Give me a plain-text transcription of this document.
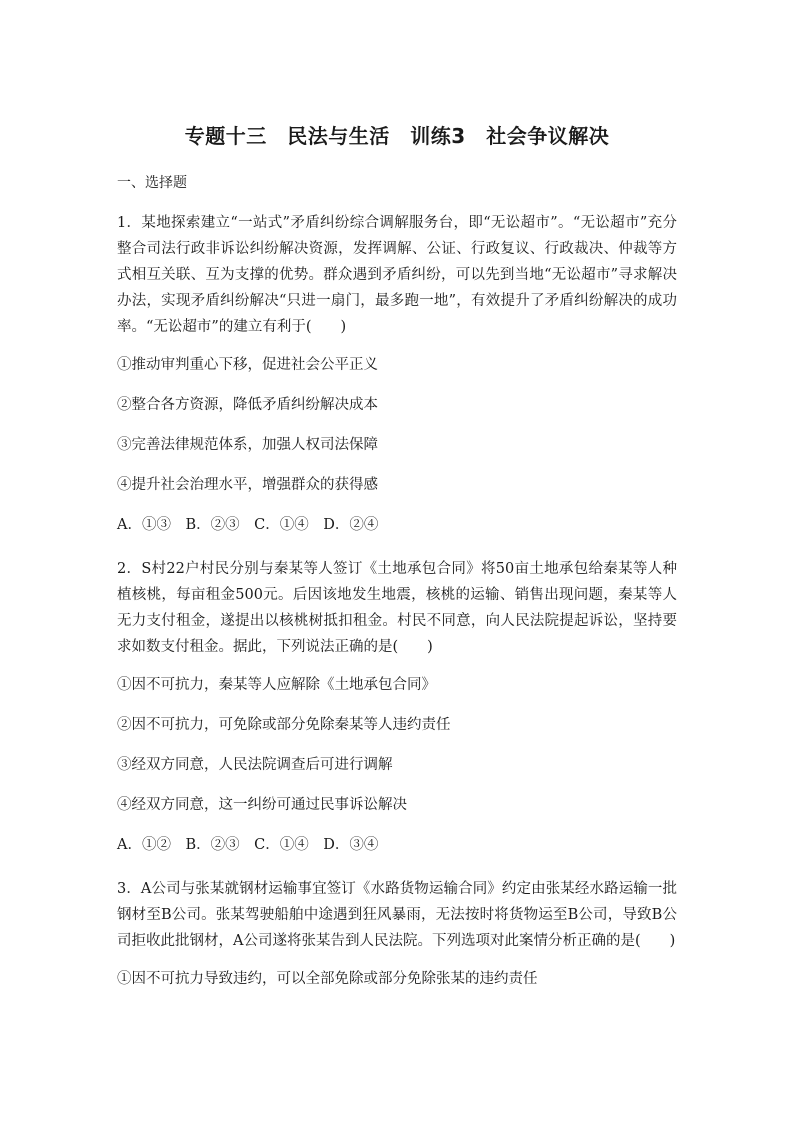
专题十三　民法与生活　训练3　社会争议解决
一、选择题

1．某地探索建立“一站式”矛盾纠纷综合调解服务台，即“无讼超市”。“无讼超市”充分整合司法行政非诉讼纠纷解决资源，发挥调解、公证、行政复议、行政裁决、仲裁等方式相互关联、互为支撑的优势。群众遇到矛盾纠纷，可以先到当地“无讼超市”寻求解决办法，实现矛盾纠纷解决“只进一扇门，最多跑一地”，有效提升了矛盾纠纷解决的成功率。“无讼超市”的建立有利于(　　)

①推动审判重心下移，促进社会公平正义
②整合各方资源，降低矛盾纠纷解决成本
③完善法律规范体系，加强人权司法保障
④提升社会治理水平，增强群众的获得感
A．①③　B．②③　C．①④　D．②④

2．S村22户村民分别与秦某等人签订《土地承包合同》将50亩土地承包给秦某等人种植核桃，每亩租金500元。后因该地发生地震，核桃的运输、销售出现问题，秦某等人无力支付租金，遂提出以核桃树抵扣租金。村民不同意，向人民法院提起诉讼，坚持要求如数支付租金。据此，下列说法正确的是(　　)

①因不可抗力，秦某等人应解除《土地承包合同》
②因不可抗力，可免除或部分免除秦某等人违约责任
③经双方同意，人民法院调查后可进行调解
④经双方同意，这一纠纷可通过民事诉讼解决
A．①②　B．②③　C．①④　D．③④

3．A公司与张某就钢材运输事宜签订《水路货物运输合同》约定由张某经水路运输一批钢材至B公司。张某驾驶船舶中途遇到狂风暴雨，无法按时将货物运至B公司，导致B公司拒收此批钢材，A公司遂将张某告到人民法院。下列选项对此案情分析正确的是(　　)

①因不可抗力导致违约，可以全部免除或部分免除张某的违约责任
